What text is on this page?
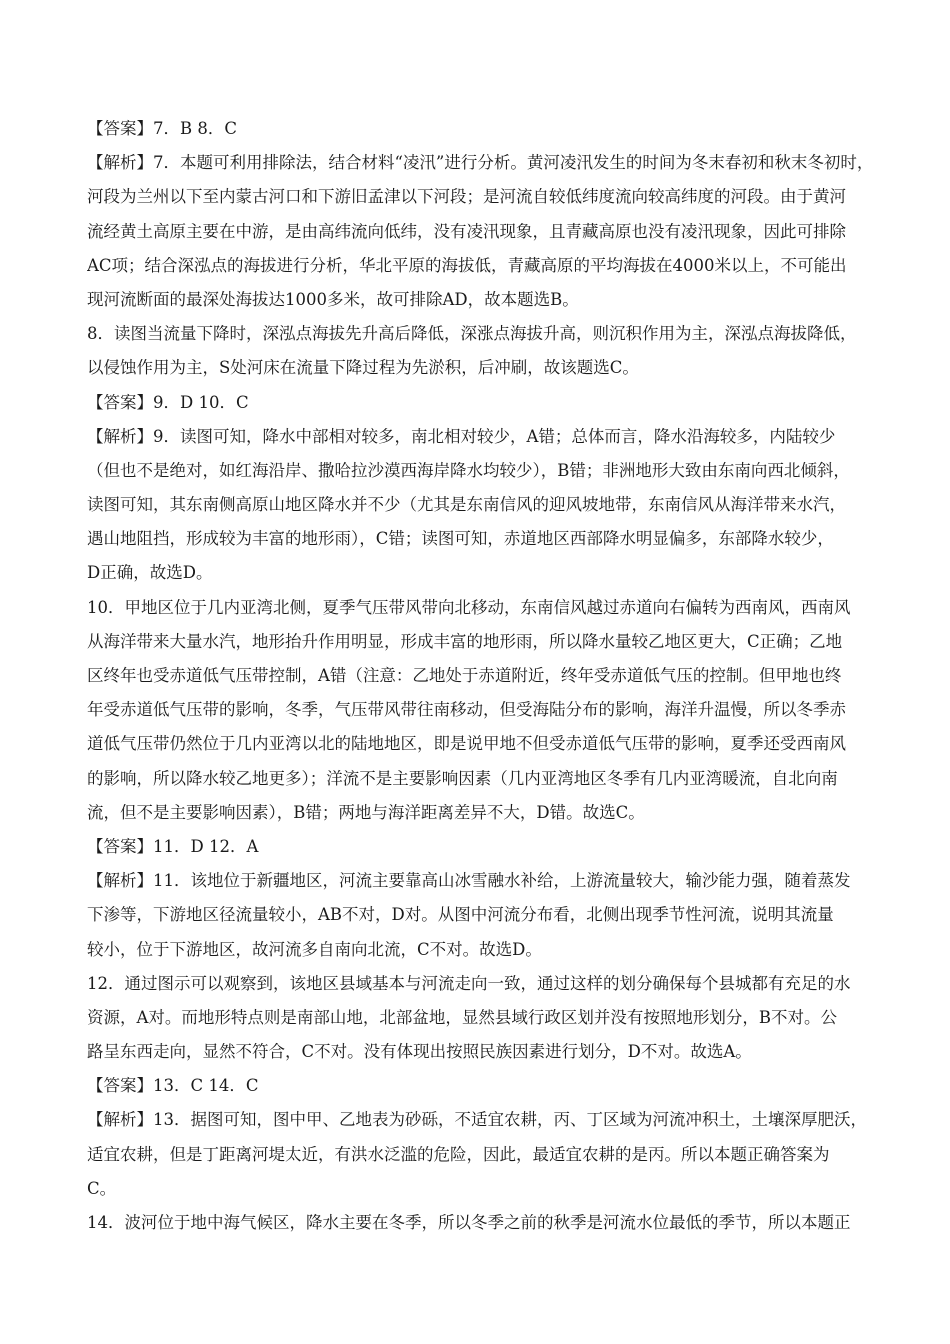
【答案】7．B 8．C
【解析】7．本题可利用排除法，结合材料“凌汛”进行分析。黄河凌汛发生的时间为冬末春初和秋末冬初时，
河段为兰州以下至内蒙古河口和下游旧孟津以下河段；是河流自较低纬度流向较高纬度的河段。由于黄河
流经黄土高原主要在中游，是由高纬流向低纬，没有凌汛现象，且青藏高原也没有凌汛现象，因此可排除
AC项；结合深泓点的海拔进行分析，华北平原的海拔低，青藏高原的平均海拔在4000米以上，不可能出
现河流断面的最深处海拔达1000多米，故可排除AD，故本题选B。
8．读图当流量下降时，深泓点海拔先升高后降低，深涨点海拔升高，则沉积作用为主，深泓点海拔降低，
以侵蚀作用为主，S处河床在流量下降过程为先淤积，后冲刷，故该题选C。
【答案】9．D 10．C
【解析】9．读图可知，降水中部相对较多，南北相对较少，A错；总体而言，降水沿海较多，内陆较少
（但也不是绝对，如红海沿岸、撒哈拉沙漠西海岸降水均较少），B错；非洲地形大致由东南向西北倾斜，
读图可知，其东南侧高原山地区降水并不少（尤其是东南信风的迎风坡地带，东南信风从海洋带来水汽，
遇山地阻挡，形成较为丰富的地形雨），C错；读图可知，赤道地区西部降水明显偏多，东部降水较少，
D正确，故选D。
10．甲地区位于几内亚湾北侧，夏季气压带风带向北移动，东南信风越过赤道向右偏转为西南风，西南风
从海洋带来大量水汽，地形抬升作用明显，形成丰富的地形雨，所以降水量较乙地区更大，C正确；乙地
区终年也受赤道低气压带控制，A错（注意：乙地处于赤道附近，终年受赤道低气压的控制。但甲地也终
年受赤道低气压带的影响，冬季，气压带风带往南移动，但受海陆分布的影响，海洋升温慢，所以冬季赤
道低气压带仍然位于几内亚湾以北的陆地地区，即是说甲地不但受赤道低气压带的影响，夏季还受西南风
的影响，所以降水较乙地更多）；洋流不是主要影响因素（几内亚湾地区冬季有几内亚湾暖流，自北向南
流，但不是主要影响因素），B错；两地与海洋距离差异不大，D错。故选C。
【答案】11．D 12．A
【解析】11．该地位于新疆地区，河流主要靠高山冰雪融水补给，上游流量较大，输沙能力强，随着蒸发
下渗等，下游地区径流量较小，AB不对，D对。从图中河流分布看，北侧出现季节性河流，说明其流量
较小，位于下游地区，故河流多自南向北流，C不对。故选D。
12．通过图示可以观察到，该地区县域基本与河流走向一致，通过这样的划分确保每个县城都有充足的水
资源，A对。而地形特点则是南部山地，北部盆地，显然县域行政区划并没有按照地形划分，B不对。公
路呈东西走向，显然不符合，C不对。没有体现出按照民族因素进行划分，D不对。故选A。
【答案】13．C 14．C
【解析】13．据图可知，图中甲、乙地表为砂砾，不适宜农耕，丙、丁区域为河流冲积土，土壤深厚肥沃，
适宜农耕，但是丁距离河堤太近，有洪水泛滥的危险，因此，最适宜农耕的是丙。所以本题正确答案为
C。
14．波河位于地中海气候区，降水主要在冬季，所以冬季之前的秋季是河流水位最低的季节，所以本题正
